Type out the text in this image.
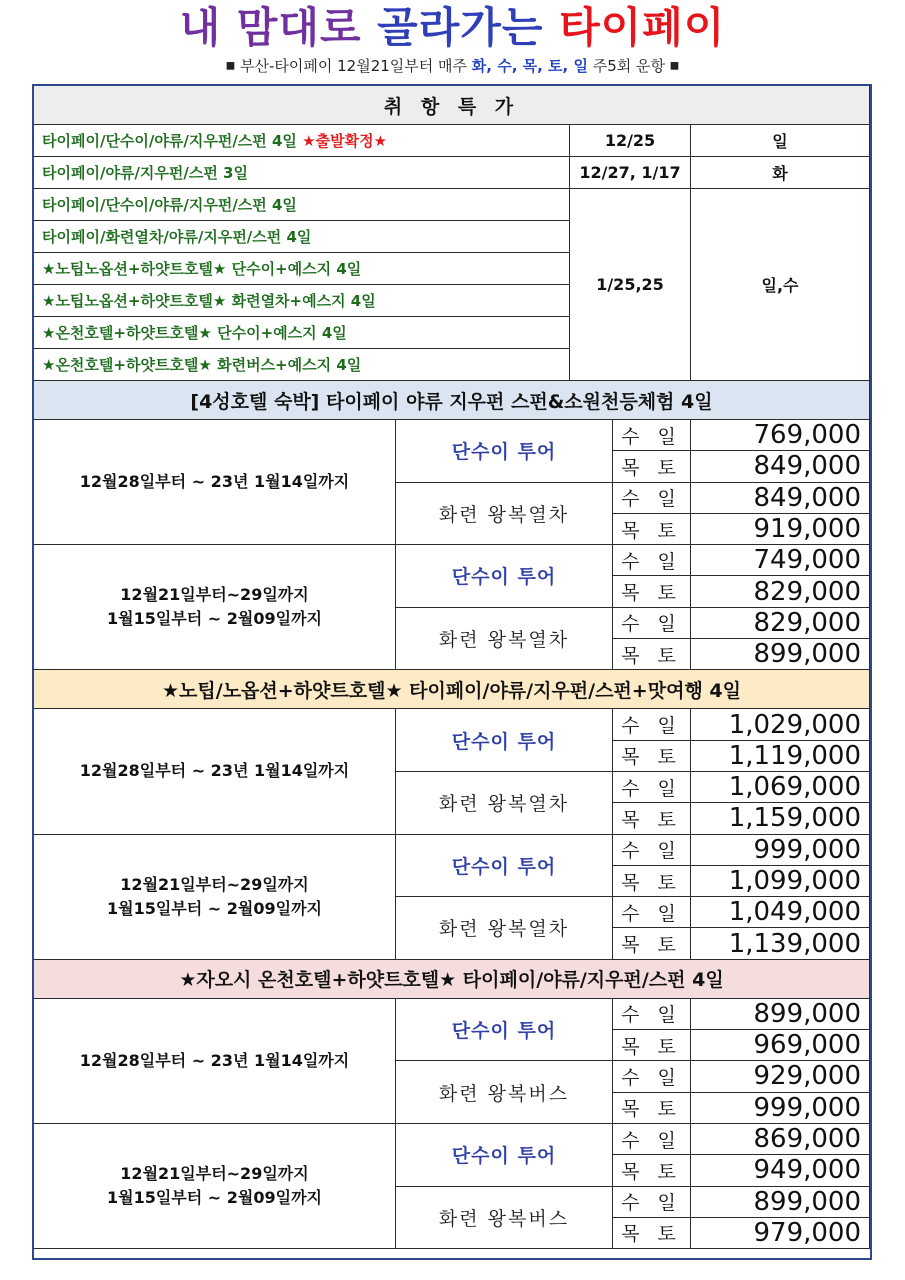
내 맘대로 골라가는 타이페이
■ 부산-타이페이 12월21일부터 매주 화, 수, 목, 토, 일 주5회 운항 ■
취 항 특 가					
타이페이/단수이/야류/지우펀/스펀 4일 ★출발확정★		12/25		일	
타이페이/야류/지우펀/스펀 3일		12/27, 1/17		화	
타이페이/단수이/야류/지우펀/스펀 4일		1/25,25		일,수	
타이페이/화련열차/야류/지우펀/스펀 4일	
★노팁노옵션+하얏트호텔★ 단수이+예스지 4일	
★노팁노옵션+하얏트호텔★ 화련열차+예스지 4일	
★온천호텔+하얏트호텔★ 단수이+예스지 4일	
★온천호텔+하얏트호텔★ 화련버스+예스지 4일	
[4성호텔 숙박] 타이페이 야류 지우펀 스펀&소원천등체험 4일					

12월28일부터 ~ 23년 1월14일까지	단수이 투어		수 일	769,000	
			목 토	849,000	
	화련 왕복열차		수 일	849,000	
			목 토	919,000	

12월21일부터~29일까지
1월15일부터 ~ 2월09일까지	단수이 투어		수 일	749,000	
			목 토	829,000	
	화련 왕복열차		수 일	829,000	
			목 토	899,000	
★노팁/노옵션+하얏트호텔★ 타이페이/야류/지우펀/스펀+맛여행 4일					

12월28일부터 ~ 23년 1월14일까지	단수이 투어		수 일	1,029,000	
			목 토	1,119,000	
	화련 왕복열차		수 일	1,069,000	
			목 토	1,159,000	

12월21일부터~29일까지
1월15일부터 ~ 2월09일까지	단수이 투어		수 일	999,000	
			목 토	1,099,000	
	화련 왕복열차		수 일	1,049,000	
			목 토	1,139,000	
★자오시 온천호텔+하얏트호텔★ 타이페이/야류/지우펀/스펀 4일					

12월28일부터 ~ 23년 1월14일까지	단수이 투어		수 일	899,000	
			목 토	969,000	
	화련 왕복버스		수 일	929,000	
			목 토	999,000	

12월21일부터~29일까지
1월15일부터 ~ 2월09일까지	단수이 투어		수 일	869,000	
			목 토	949,000	
	화련 왕복버스		수 일	899,000	
			목 토	979,000	
